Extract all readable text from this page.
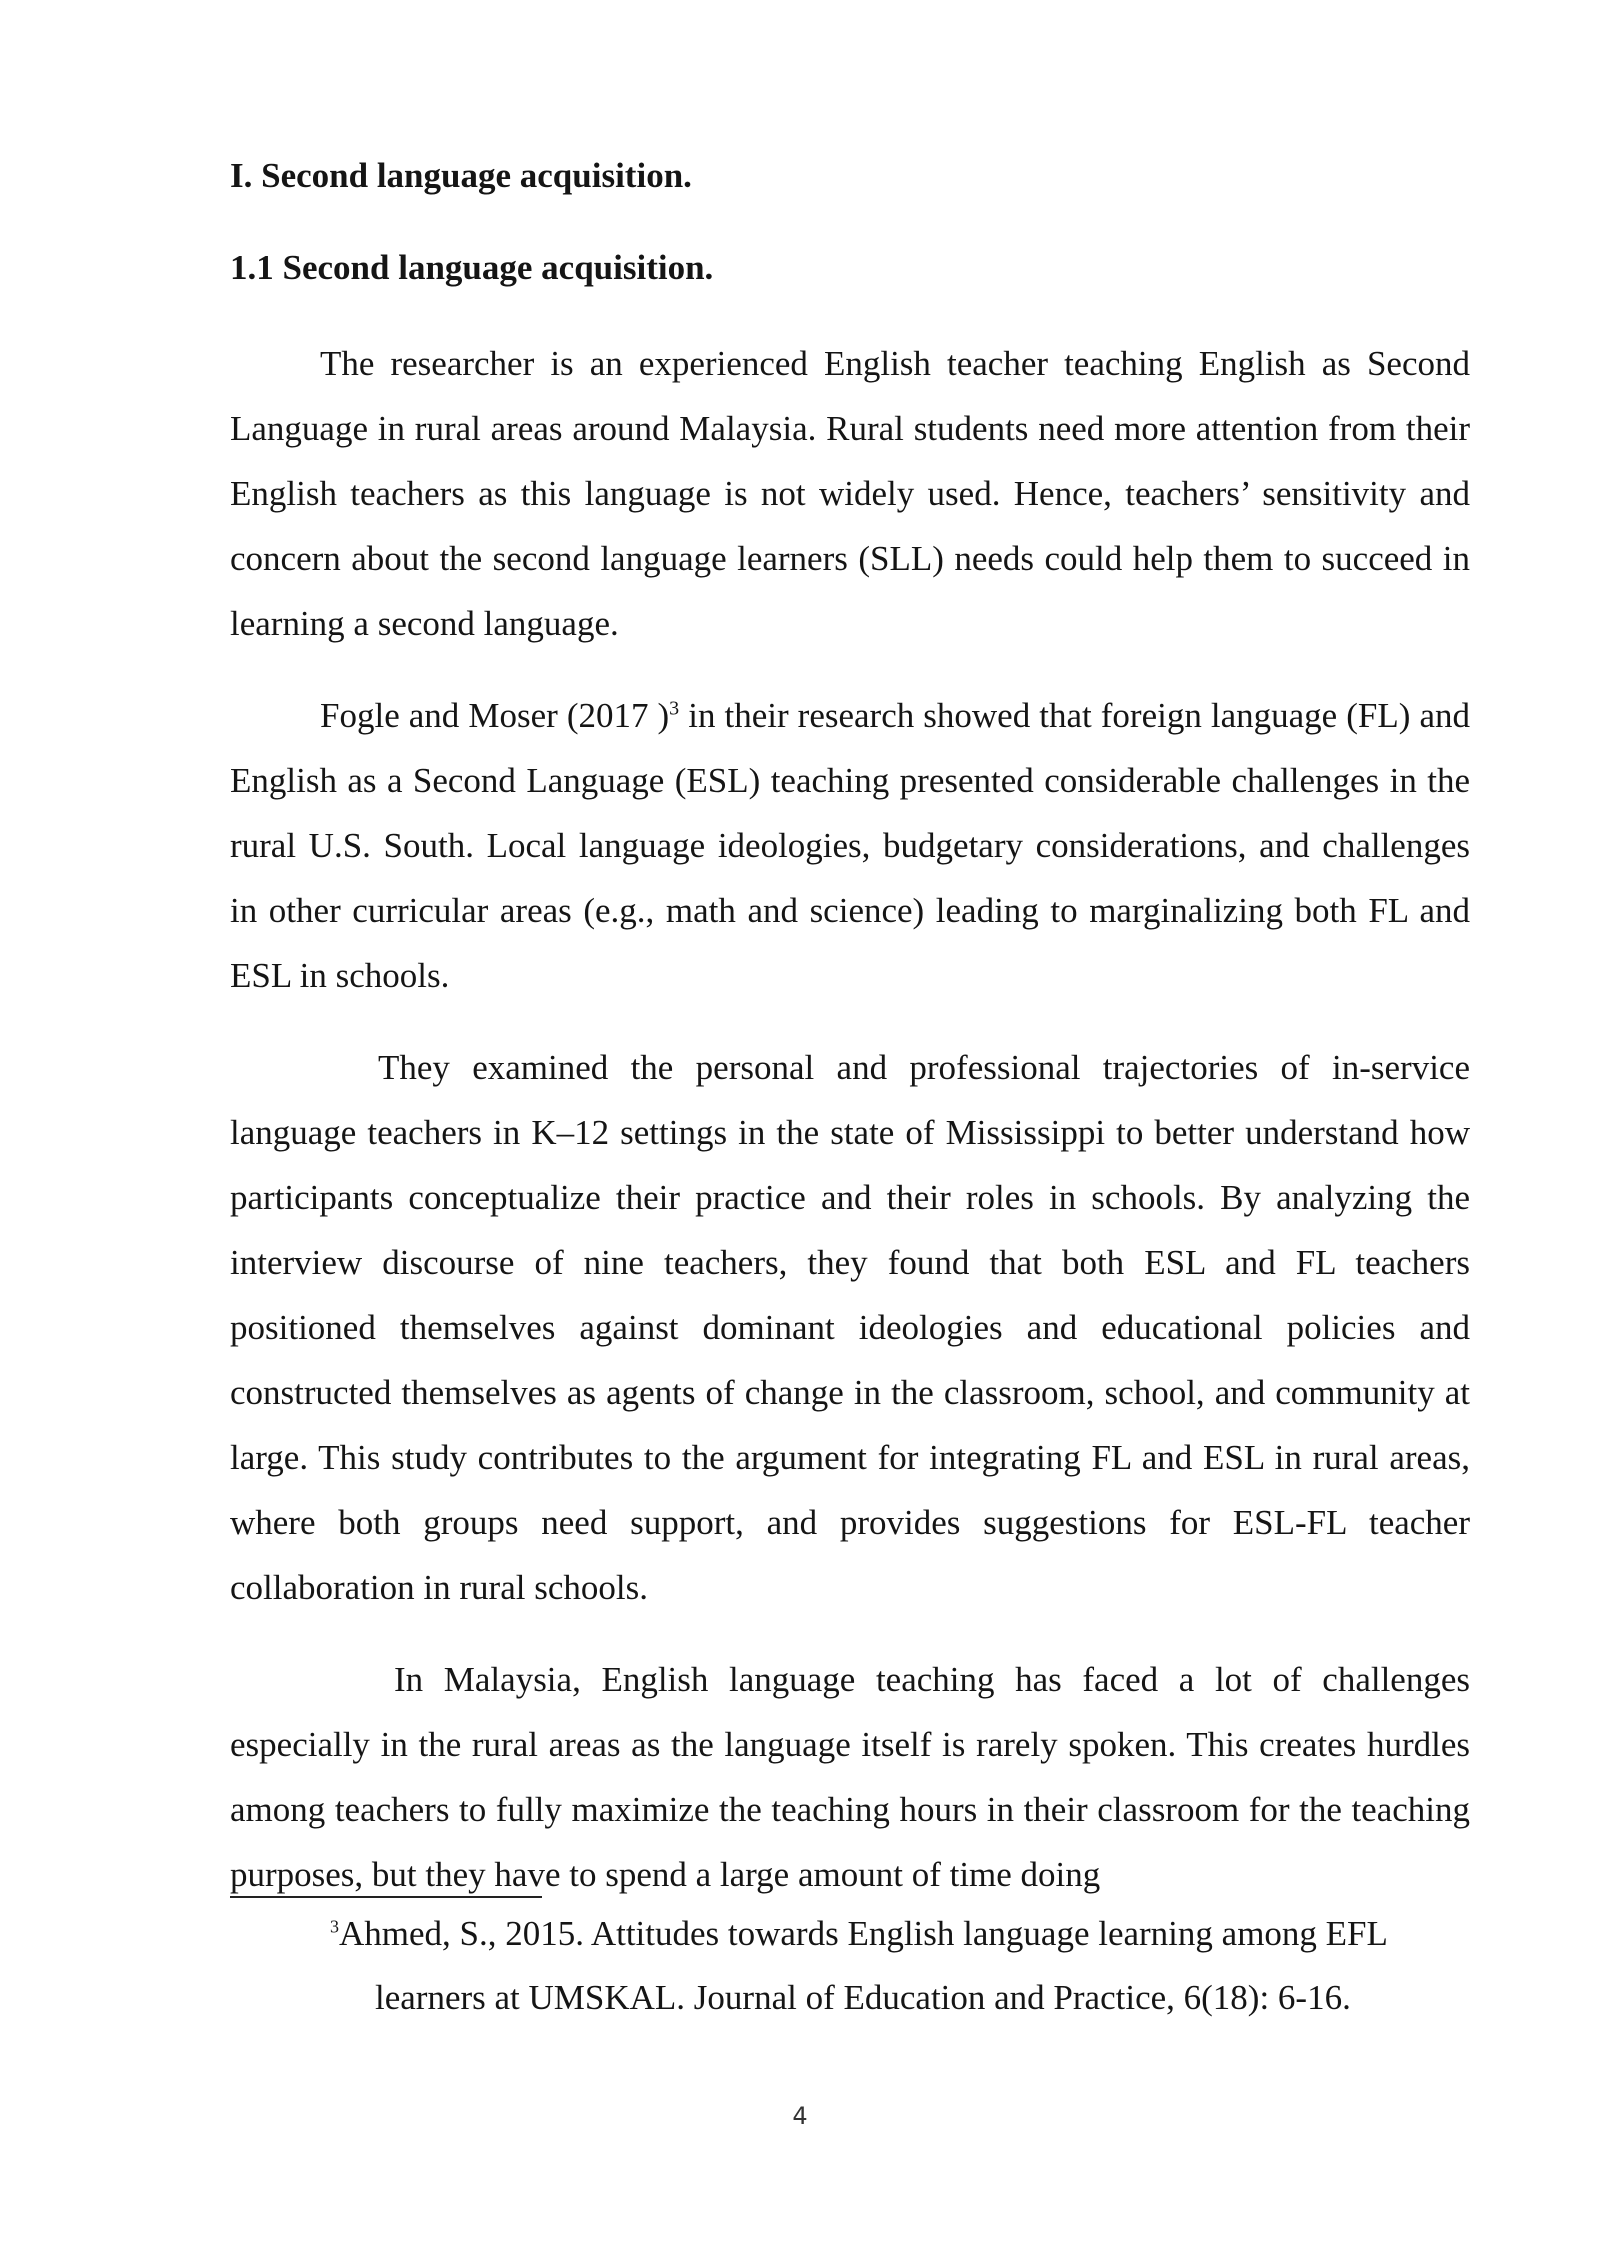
I. Second language acquisition.
1.1 Second language acquisition.

The researcher is an experienced English teacher teaching English as Second Language in rural areas around Malaysia. Rural students need more attention from their English teachers as this language is not widely used. Hence, teachers’ sensitivity and concern about the second language learners (SLL) needs could help them to succeed in learning a second language.

Fogle and Moser (2017 )$^3$ in their research showed that foreign language (FL) and English as a Second Language (ESL) teaching presented considerable challenges in the rural U.S. South. Local language ideologies, budgetary considerations, and challenges in other curricular areas (e.g., math and science) leading to marginalizing both FL and ESL in schools.

They examined the personal and professional trajectories of in-service language teachers in K–12 settings in the state of Mississippi to better understand how participants conceptualize their practice and their roles in schools. By analyzing the interview discourse of nine teachers, they found that both ESL and FL teachers positioned themselves against dominant ideologies and educational policies and constructed themselves as agents of change in the classroom, school, and community at large. This study contributes to the argument for integrating FL and ESL in rural areas, where both groups need support, and provides suggestions for ESL-FL teacher collaboration in rural schools.

In Malaysia, English language teaching has faced a lot of challenges especially in the rural areas as the language itself is rarely spoken. This creates hurdles among teachers to fully maximize the teaching hours in their classroom for the teaching purposes, but they have to spend a large amount of time doing

$^3$Ahmed, S., 2015. Attitudes towards English language learning among EFL learners at UMSKAL. Journal of Education and Practice, 6(18): 6-16.
4
